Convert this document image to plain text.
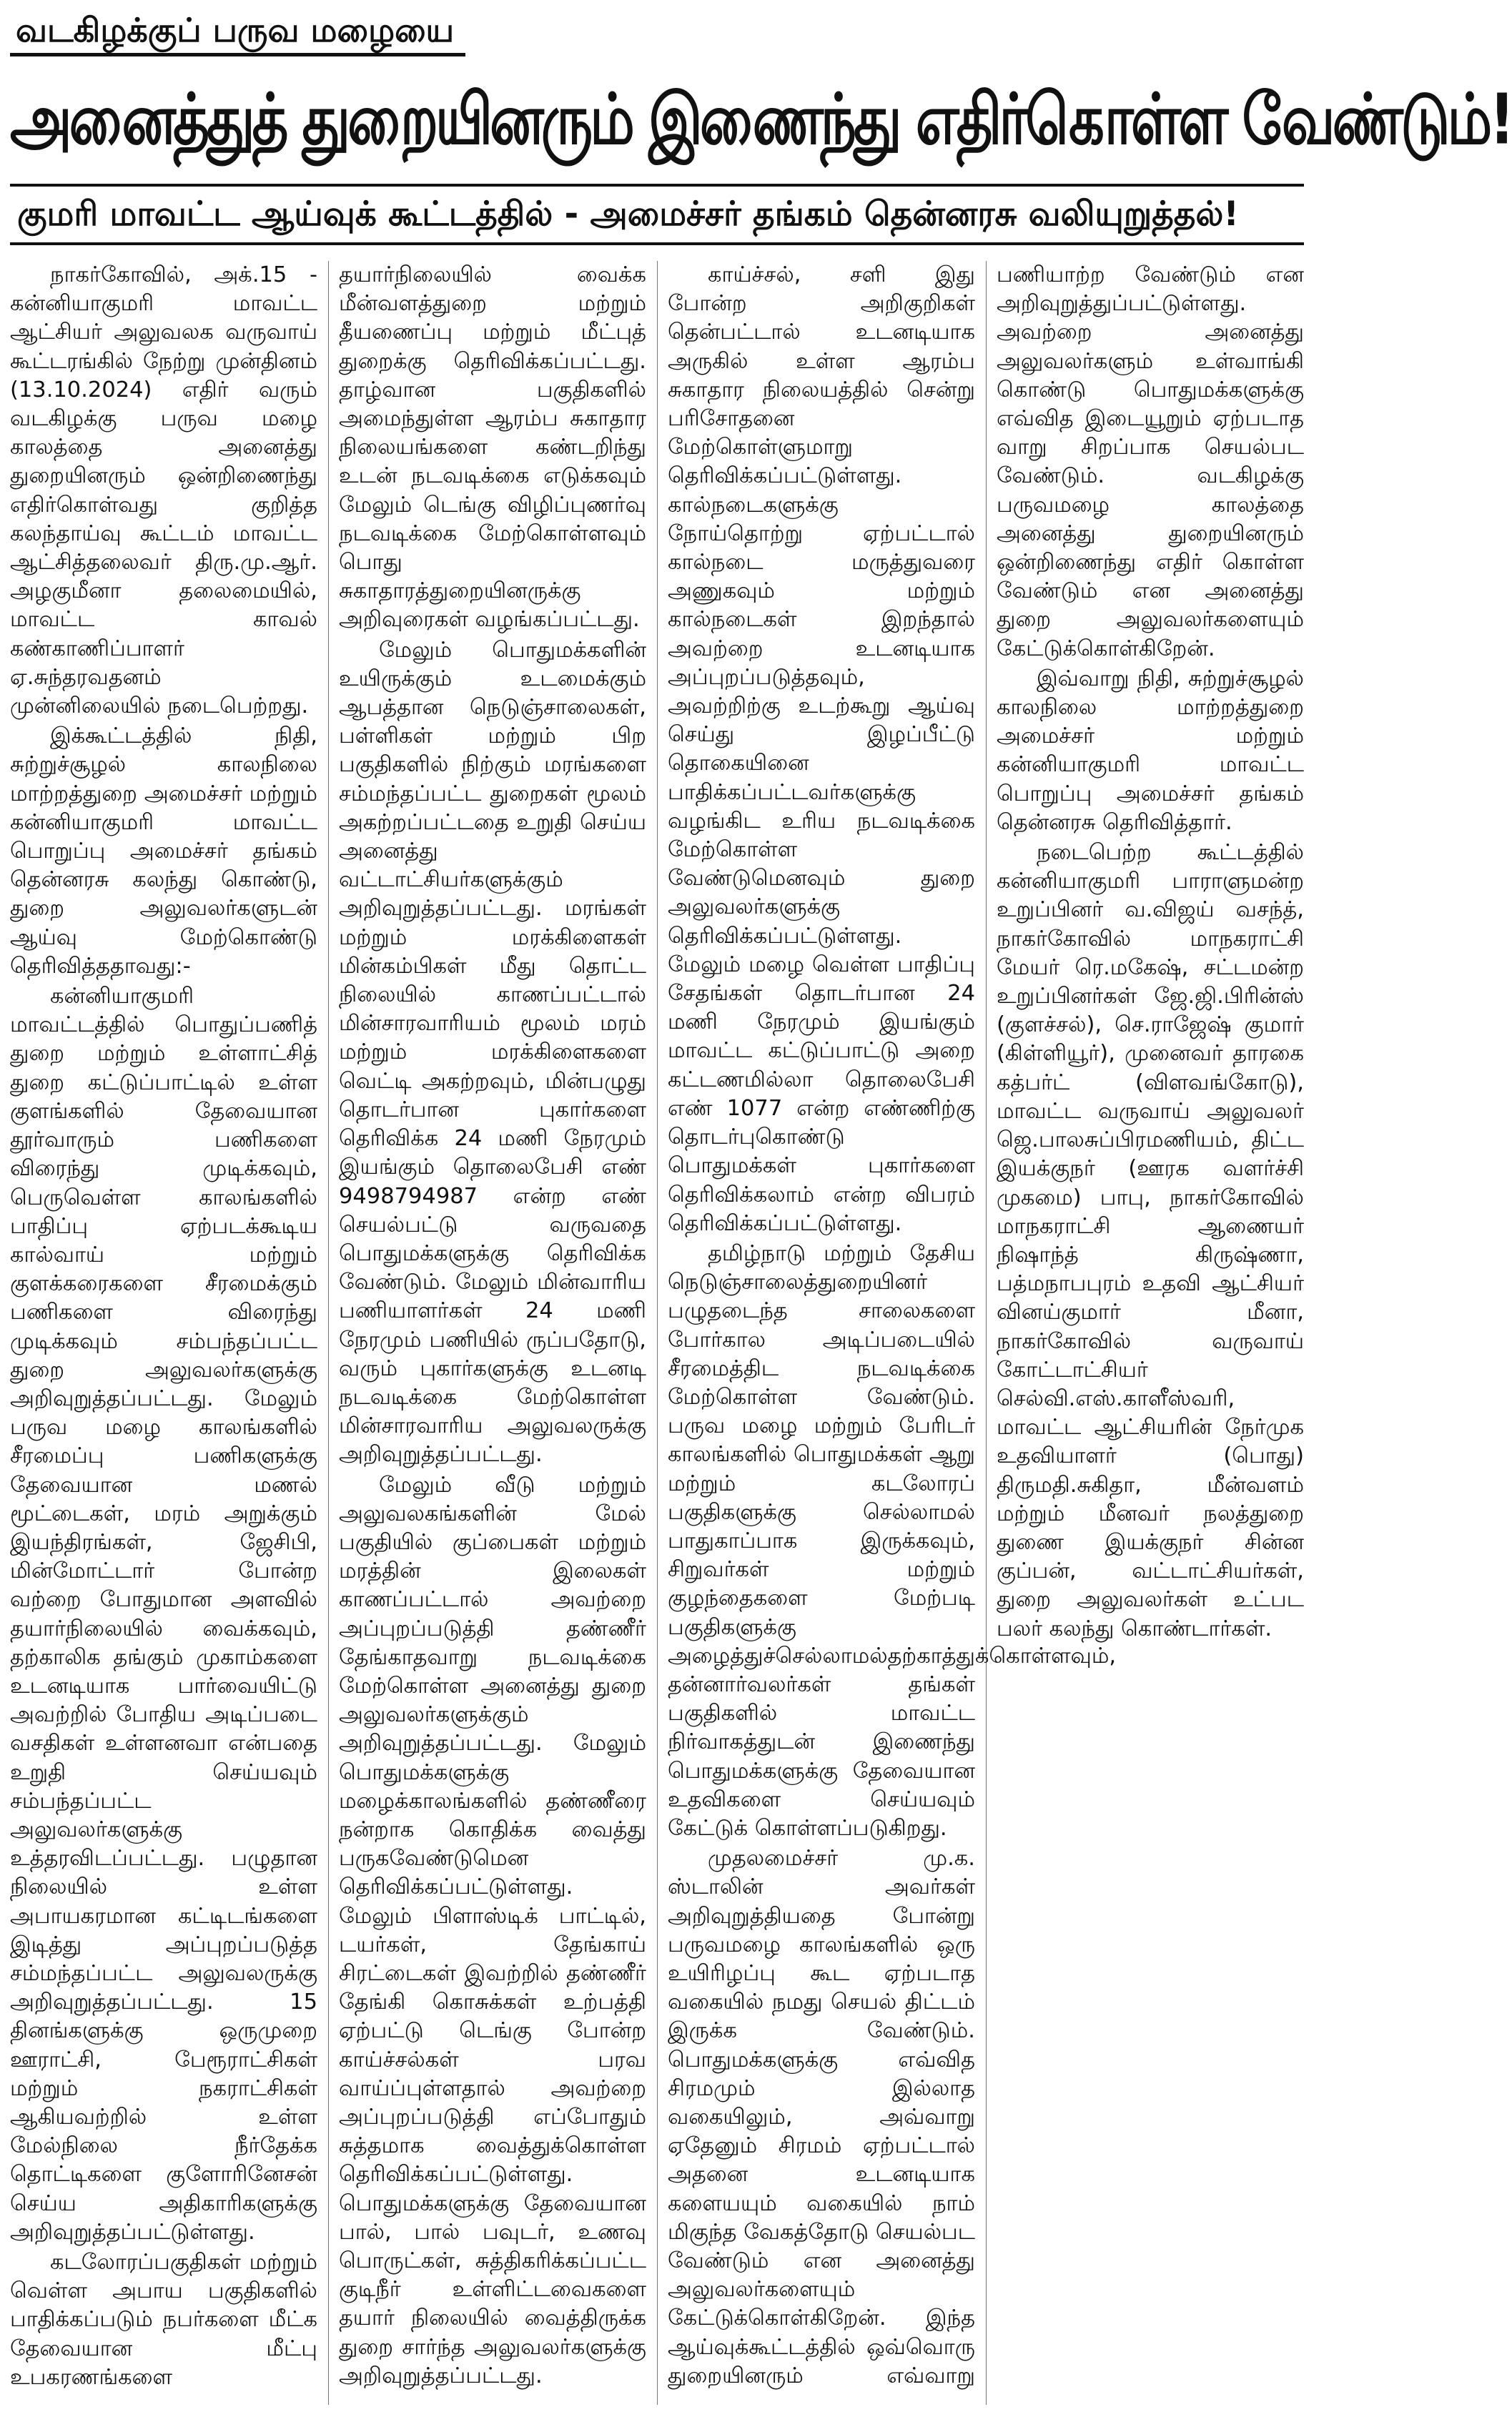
வடகிழக்குப் பருவ மழையை
அனைத்துத் துறையினரும் இணைந்து எதிர்கொள்ள வேண்டும்!
குமரி மாவட்ட ஆய்வுக் கூட்டத்தில் - அமைச்சர் தங்கம் தென்னரசு வலியுறுத்தல்!

நாகர்கோவில், அக்.15 - கன்னியாகுமரி மாவட்ட ஆட்சியர் அலுவலக வருவாய் கூட்டரங்கில் நேற்று முன்தினம் (13.10.2024) எதிர் வரும் வடகிழக்கு பருவ மழை காலத்தை அனைத்து துறையினரும் ஒன்றிணைந்து எதிர்கொள்வது குறித்த கலந்தாய்வு கூட்டம் மாவட்ட ஆட்சித்தலைவர் திரு.மு.ஆர். அழகுமீனா தலைமையில், மாவட்ட காவல் கண்காணிப்பாளர் ஏ.சுந்தரவதனம் முன்னிலையில் நடைபெற்றது.

இக்கூட்டத்தில் நிதி, சுற்றுச்சூழல் காலநிலை மாற்றத்துறை அமைச்சர் மற்றும் கன்னியாகுமரி மாவட்ட பொறுப்பு அமைச்சர் தங்கம் தென்னரசு கலந்து கொண்டு, துறை அலுவலர்களுடன் ஆய்வு மேற்கொண்டு தெரிவித்ததாவது:-

கன்னியாகுமரி மாவட்டத்தில் பொதுப்பணித் துறை மற்றும் உள்ளாட்சித் துறை கட்டுப்பாட்டில் உள்ள குளங்களில் தேவையான தூர்வாரும் பணிகளை விரைந்து முடிக்கவும், பெருவெள்ள காலங்களில் பாதிப்பு ஏற்படக்கூடிய கால்வாய் மற்றும் குளக்கரைகளை சீரமைக்கும் பணிகளை விரைந்து முடிக்கவும் சம்பந்தப்பட்ட துறை அலுவலர்களுக்கு அறிவுறுத்தப்பட்டது. மேலும் பருவ மழை காலங்களில் சீரமைப்பு பணிகளுக்கு தேவையான மணல் மூட்டைகள், மரம் அறுக்கும் இயந்திரங்கள், ஜேசிபி, மின்மோட்டார் போன்ற வற்றை போதுமான அளவில் தயார்நிலையில் வைக்கவும், தற்காலிக தங்கும் முகாம்களை உடனடியாக பார்வையிட்டு அவற்றில் போதிய அடிப்படை வசதிகள் உள்ளனவா என்பதை உறுதி செய்யவும் சம்பந்தப்பட்ட அலுவலர்களுக்கு உத்தரவிடப்பட்டது. பழுதான நிலையில் உள்ள அபாயகரமான கட்டிடங்களை இடித்து அப்புறப்படுத்த சம்மந்தப்பட்ட அலுவலருக்கு அறிவுறுத்தப்பட்டது. 15 தினங்களுக்கு ஒருமுறை ஊராட்சி, பேரூராட்சிகள் மற்றும் நகராட்சிகள் ஆகியவற்றில் உள்ள மேல்நிலை நீர்தேக்க தொட்டிகளை குளோரினேசன் செய்ய அதிகாரிகளுக்கு அறிவுறுத்தப்பட்டுள்ளது.

கடலோரப்பகுதிகள் மற்றும் வெள்ள அபாய பகுதிகளில் பாதிக்கப்படும் நபர்களை மீட்க தேவையான மீட்பு உபகரணங்களை தயார்நிலையில் வைக்க மீன்வளத்துறை மற்றும் தீயணைப்பு மற்றும் மீட்புத் துறைக்கு தெரிவிக்கப்பட்டது. தாழ்வான பகுதிகளில் அமைந்துள்ள ஆரம்ப சுகாதார நிலையங்களை கண்டறிந்து உடன் நடவடிக்கை எடுக்கவும் மேலும் டெங்கு விழிப்புணர்வு நடவடிக்கை மேற்கொள்ளவும் பொது சுகாதாரத்துறையினருக்கு அறிவுரைகள் வழங்கப்பட்டது.

மேலும் பொதுமக்களின் உயிருக்கும் உடமைக்கும் ஆபத்தான நெடுஞ்சாலைகள், பள்ளிகள் மற்றும் பிற பகுதிகளில் நிற்கும் மரங்களை சம்மந்தப்பட்ட துறைகள் மூலம் அகற்றப்பட்டதை உறுதி செய்ய அனைத்து வட்டாட்சியர்களுக்கும் அறிவுறுத்தப்பட்டது. மரங்கள் மற்றும் மரக்கிளைகள் மின்கம்பிகள் மீது தொட்ட நிலையில் காணப்பட்டால் மின்சாரவாரியம் மூலம் மரம் மற்றும் மரக்கிளைகளை வெட்டி அகற்றவும், மின்பழுது தொடர்பான புகார்களை தெரிவிக்க 24 மணி நேரமும் இயங்கும் தொலைபேசி எண் 9498794987 என்ற எண் செயல்பட்டு வருவதை பொதுமக்களுக்கு தெரிவிக்க வேண்டும். மேலும் மின்வாரிய பணியாளர்கள் 24 மணி நேரமும் பணியில் ருப்பதோடு, வரும் புகார்களுக்கு உடனடி நடவடிக்கை மேற்கொள்ள மின்சாரவாரிய அலுவலருக்கு அறிவுறுத்தப்பட்டது.

மேலும் வீடு மற்றும் அலுவலகங்களின் மேல் பகுதியில் குப்பைகள் மற்றும் மரத்தின் இலைகள் காணப்பட்டால் அவற்றை அப்புறப்படுத்தி தண்ணீர் தேங்காதவாறு நடவடிக்கை மேற்கொள்ள அனைத்து துறை அலுவலர்களுக்கும் அறிவுறுத்தப்பட்டது. மேலும் பொதுமக்களுக்கு மழைக்காலங்களில் தண்ணீரை நன்றாக கொதிக்க வைத்து பருகவேண்டுமென தெரிவிக்கப்பட்டுள்ளது. மேலும் பிளாஸ்டிக் பாட்டில், டயர்கள், தேங்காய் சிரட்டைகள் இவற்றில் தண்ணீர் தேங்கி கொசுக்கள் உற்பத்தி ஏற்பட்டு டெங்கு போன்ற காய்ச்சல்கள் பரவ வாய்ப்புள்ளதால் அவற்றை அப்புறப்படுத்தி எப்போதும் சுத்தமாக வைத்துக்கொள்ள தெரிவிக்கப்பட்டுள்ளது. பொதுமக்களுக்கு தேவையான பால், பால் பவுடர், உணவு பொருட்கள், சுத்திகரிக்கப்பட்ட குடிநீர் உள்ளிட்டவைகளை தயார் நிலையில் வைத்திருக்க துறை சார்ந்த அலுவலர்களுக்கு அறிவுறுத்தப்பட்டது.

காய்ச்சல், சளி இது போன்ற அறிகுறிகள் தென்பட்டால் உடனடியாக அருகில் உள்ள ஆரம்ப சுகாதார நிலையத்தில் சென்று பரிசோதனை மேற்கொள்ளுமாறு தெரிவிக்கப்பட்டுள்ளது. கால்நடைகளுக்கு நோய்தொற்று ஏற்பட்டால் கால்நடை மருத்துவரை அணுகவும் மற்றும் கால்நடைகள் இறந்தால் அவற்றை உடனடியாக அப்புறப்படுத்தவும், அவற்றிற்கு உடற்கூறு ஆய்வு செய்து இழப்பீட்டு தொகையினை பாதிக்கப்பட்டவர்களுக்கு வழங்கிட உரிய நடவடிக்கை மேற்கொள்ள வேண்டுமெனவும் துறை அலுவலர்களுக்கு தெரிவிக்கப்பட்டுள்ளது. மேலும் மழை வெள்ள பாதிப்பு சேதங்கள் தொடர்பான 24 மணி நேரமும் இயங்கும் மாவட்ட கட்டுப்பாட்டு அறை கட்டணமில்லா தொலைபேசி எண் 1077 என்ற எண்ணிற்கு தொடர்புகொண்டு பொதுமக்கள் புகார்களை தெரிவிக்கலாம் என்ற விபரம் தெரிவிக்கப்பட்டுள்ளது.

தமிழ்நாடு மற்றும் தேசிய நெடுஞ்சாலைத்துறையினர் பழுதடைந்த சாலைகளை போர்கால அடிப்படையில் சீரமைத்திட நடவடிக்கை மேற்கொள்ள வேண்டும். பருவ மழை மற்றும் பேரிடர் காலங்களில் பொதுமக்கள் ஆறு மற்றும் கடலோரப் பகுதிகளுக்கு செல்லாமல் பாதுகாப்பாக இருக்கவும், சிறுவர்கள் மற்றும் குழந்தைகளை மேற்படி பகுதிகளுக்கு அழைத்துச்செல்லாமல்தற்காத்துக்கொள்ளவும், தன்னார்வலர்கள் தங்கள் பகுதிகளில் மாவட்ட நிர்வாகத்துடன் இணைந்து பொதுமக்களுக்கு தேவையான உதவிகளை செய்யவும் கேட்டுக் கொள்ளப்படுகிறது.

முதலமைச்சர் மு.க. ஸ்டாலின் அவர்கள் அறிவுறுத்தியதை போன்று பருவமழை காலங்களில் ஒரு உயிரிழப்பு கூட ஏற்படாத வகையில் நமது செயல் திட்டம் இருக்க வேண்டும். பொதுமக்களுக்கு எவ்வித சிரமமும் இல்லாத வகையிலும், அவ்வாறு ஏதேனும் சிரமம் ஏற்பட்டால் அதனை உடனடியாக களையயும் வகையில் நாம் மிகுந்த வேகத்தோடு செயல்பட வேண்டும் என அனைத்து அலுவலர்களையும் கேட்டுக்கொள்கிறேன். இந்த ஆய்வுக்கூட்டத்தில் ஒவ்வொரு துறையினரும் எவ்வாறு பணியாற்ற வேண்டும் என அறிவுறுத்துப்பட்டுள்ளது. அவற்றை அனைத்து அலுவலர்களும் உள்வாங்கி கொண்டு பொதுமக்களுக்கு எவ்வித இடையூறும் ஏற்படாத வாறு சிறப்பாக செயல்பட வேண்டும். வடகிழக்கு பருவமழை காலத்தை அனைத்து துறையினரும் ஒன்றிணைந்து எதிர் கொள்ள வேண்டும் என அனைத்து துறை அலுவலர்களையும் கேட்டுக்கொள்கிறேன்.

இவ்வாறு நிதி, சுற்றுச்சூழல் காலநிலை மாற்றத்துறை அமைச்சர் மற்றும் கன்னியாகுமரி மாவட்ட பொறுப்பு அமைச்சர் தங்கம் தென்னரசு தெரிவித்தார்.

நடைபெற்ற கூட்டத்தில் கன்னியாகுமரி பாராளுமன்ற உறுப்பினர் வ.விஜய் வசந்த், நாகர்கோவில் மாநகராட்சி மேயர் ரெ.மகேஷ், சட்டமன்ற உறுப்பினர்கள் ஜே.ஜி.பிரின்ஸ் (குளச்சல்), செ.ராஜேஷ் குமார் (கிள்ளியூர்), முனைவர் தாரகை கத்பர்ட் (விளவங்கோடு), மாவட்ட வருவாய் அலுவலர் ஜெ.பாலசுப்பிரமணியம், திட்ட இயக்குநர் (ஊரக வளர்ச்சி முகமை) பாபு, நாகர்கோவில் மாநகராட்சி ஆணையர் நிஷாந்த் கிருஷ்ணா, பத்மநாபபுரம் உதவி ஆட்சியர் வினய்குமார் மீனா, நாகர்கோவில் வருவாய் கோட்டாட்சியர் செல்வி.எஸ்.காளீஸ்வரி, மாவட்ட ஆட்சியரின் நேர்முக உதவியாளர் (பொது) திருமதி.சுகிதா, மீன்வளம் மற்றும் மீனவர் நலத்துறை துணை இயக்குநர் சின்ன குப்பன், வட்டாட்சியர்கள், துறை அலுவலர்கள் உட்பட பலர் கலந்து கொண்டார்கள்.
